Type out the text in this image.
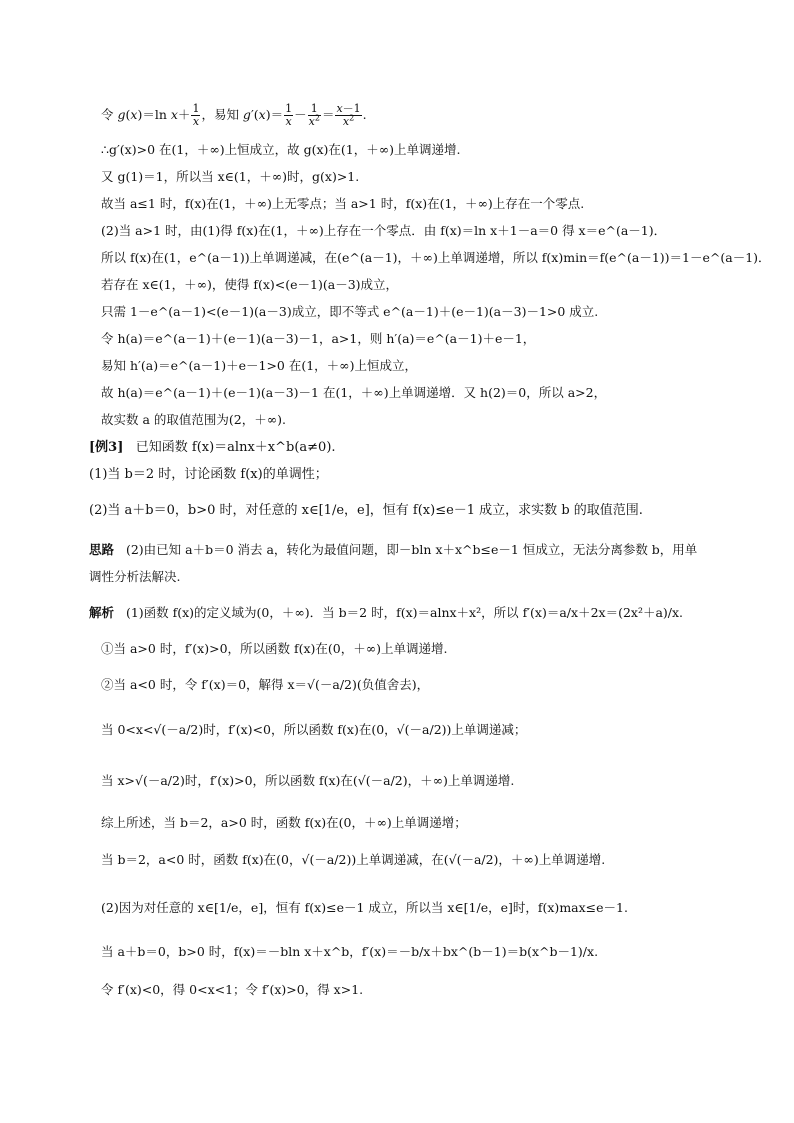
令 g(x)＝ln $x+ \frac{1}{x}$ ，易知 $g'(x)= \frac{1}{x} - \frac{1}{x^2} = \frac{x-1}{x^2}$ .
∴g′(x)>0 在(1，＋∞)上恒成立，故 g(x)在(1，＋∞)上单调递增.
又 g(1)＝1，所以当 x∈(1，＋∞)时，g(x)>1.
故当 a≤1 时，f(x)在(1，＋∞)上无零点；当 a>1 时，f(x)在(1，＋∞)上存在一个零点.
(2)当 a>1 时，由(1)得 f(x)在(1，＋∞)上存在一个零点．由 f(x)＝ln x＋1－a＝0 得 x＝e^(a－1)．
所以 f(x)在(1，e^(a－1))上单调递减，在(e^(a－1)，＋∞)上单调递增，所以 f(x)min＝f(e^(a－1))＝1－e^(a－1)．
若存在 x∈(1，＋∞)，使得 f(x)<(e－1)(a－3)成立，
只需 1－e^(a－1)<(e－1)(a－3)成立，即不等式 e^(a－1)＋(e－1)(a－3)－1>0 成立.
令 h(a)＝e^(a－1)＋(e－1)(a－3)－1，a>1，则 h′(a)＝e^(a－1)＋e－1，
易知 h′(a)＝e^(a－1)＋e－1>0 在(1，＋∞)上恒成立，
故 h(a)＝e^(a－1)＋(e－1)(a－3)－1 在(1，＋∞)上单调递增．又 h(2)＝0，所以 a>2，
故实数 a 的取值范围为(2，＋∞).
[例3] 已知函数 f(x)＝alnx＋x^b(a≠0).
(1)当 b＝2 时，讨论函数 f(x)的单调性；
(2)当 a＋b＝0，b>0 时，对任意的 x∈[1/e，e]，恒有 f(x)≤e－1 成立，求实数 b 的取值范围.
思路 (2)由已知 a＋b＝0 消去 a，转化为最值问题，即－bln x＋x^b≤e－1 恒成立，无法分离参数 b，用单
调性分析法解决.
解析 (1)函数 f(x)的定义域为(0，＋∞)．当 b＝2 时，f(x)＝alnx＋x²，所以 f′(x)＝a/x＋2x＝(2x²＋a)/x.
①当 a>0 时，f′(x)>0，所以函数 f(x)在(0，＋∞)上单调递增.
②当 a<0 时，令 f′(x)＝0，解得 x＝√(－a/2)(负值舍去)，
当 0<x<√(－a/2)时，f′(x)<0，所以函数 f(x)在(0，√(－a/2))上单调递减；
当 x>√(－a/2)时，f′(x)>0，所以函数 f(x)在(√(－a/2)，＋∞)上单调递增.
综上所述，当 b＝2，a>0 时，函数 f(x)在(0，＋∞)上单调递增；
当 b＝2，a<0 时，函数 f(x)在(0，√(－a/2))上单调递减，在(√(－a/2)，＋∞)上单调递增.
(2)因为对任意的 x∈[1/e，e]，恒有 f(x)≤e－1 成立，所以当 x∈[1/e，e]时，f(x)max≤e－1.
当 a＋b＝0，b>0 时，f(x)＝－bln x＋x^b，f′(x)＝－b/x＋bx^(b－1)＝b(x^b－1)/x.
令 f′(x)<0，得 0<x<1；令 f′(x)>0，得 x>1.
